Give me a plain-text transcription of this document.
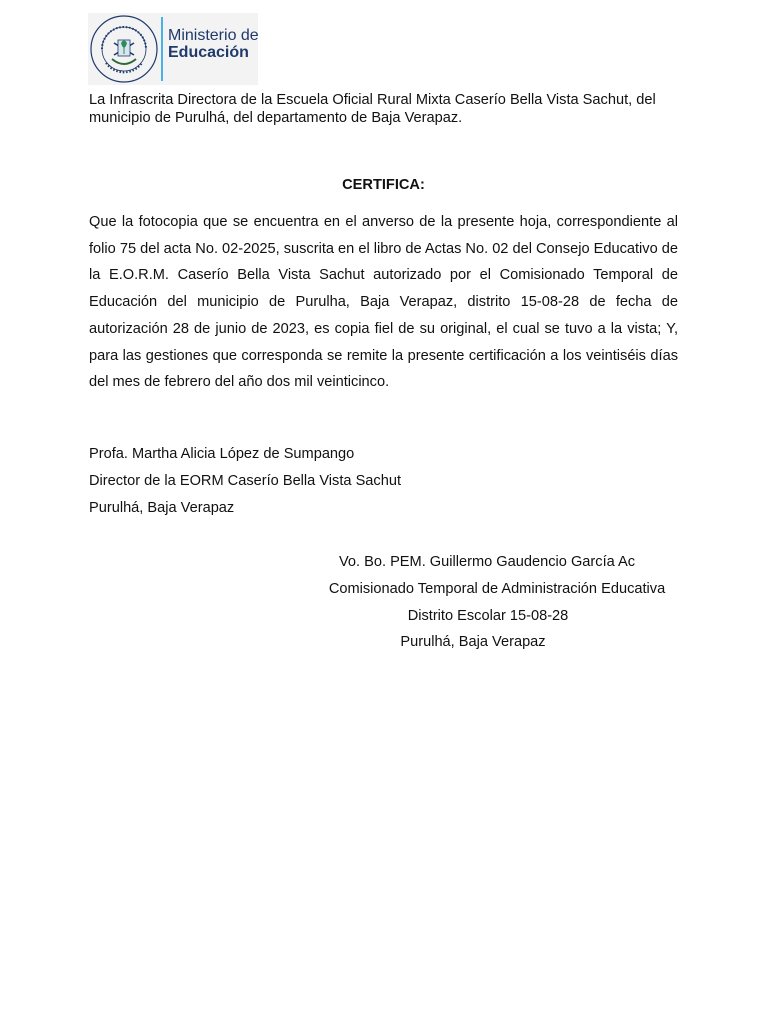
Ministerio de
Educación

La Infrascrita Directora de la Escuela Oficial Rural Mixta Caserío Bella Vista Sachut, del municipio de Purulhá, del departamento de Baja Verapaz.

CERTIFICA:

Que la fotocopia que se encuentra en el anverso de la presente hoja, correspondiente al folio 75 del acta No. 02-2025, suscrita en el libro de Actas No. 02 del Consejo Educativo de la E.O.R.M. Caserío Bella Vista Sachut autorizado por el Comisionado Temporal de Educación del municipio de Purulha, Baja Verapaz, distrito 15-08-28 de fecha de autorización 28 de junio de 2023, es copia fiel de su original, el cual se tuvo a la vista; Y, para las gestiones que corresponda se remite la presente certificación a los veintiséis días del mes de febrero del año dos mil veinticinco.

Profa. Martha Alicia López de Sumpango

Director de la EORM Caserío Bella Vista Sachut

Purulhá, Baja Verapaz

Vo. Bo. PEM. Guillermo Gaudencio García Ac

Comisionado Temporal de Administración Educativa

Distrito Escolar 15-08-28

Purulhá, Baja Verapaz
